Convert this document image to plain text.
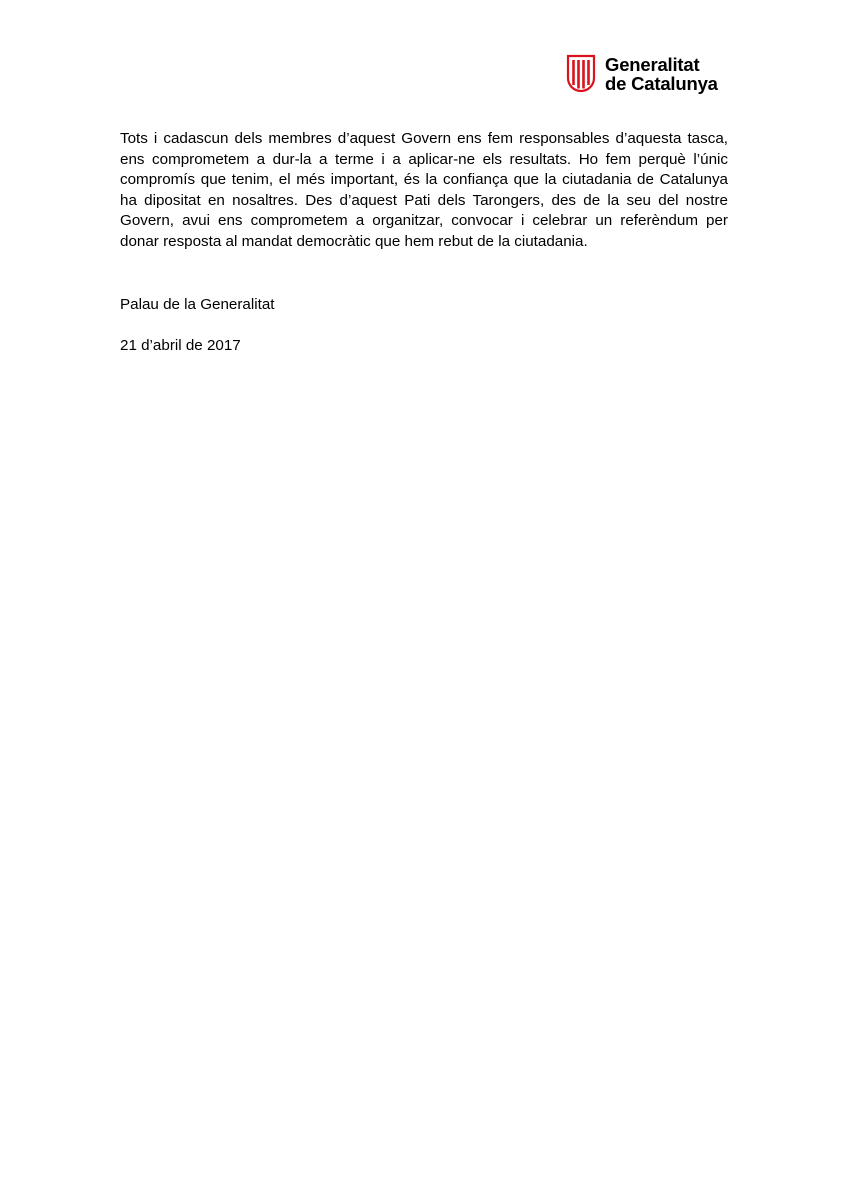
Generalitat
de Catalunya

Tots i cadascun dels membres d’aquest Govern ens fem responsables d’aquesta tasca, ens comprometem a dur-la a terme i a aplicar-ne els resultats. Ho fem perquè l’únic compromís que tenim, el més important, és la confiança que la ciutadania de Catalunya ha dipositat en nosaltres. Des d’aquest Pati dels Tarongers, des de la seu del nostre Govern, avui ens comprometem a organitzar, convocar i celebrar un referèndum per donar resposta al mandat democràtic que hem rebut de la ciutadania.

Palau de la Generalitat

21 d’abril de 2017
